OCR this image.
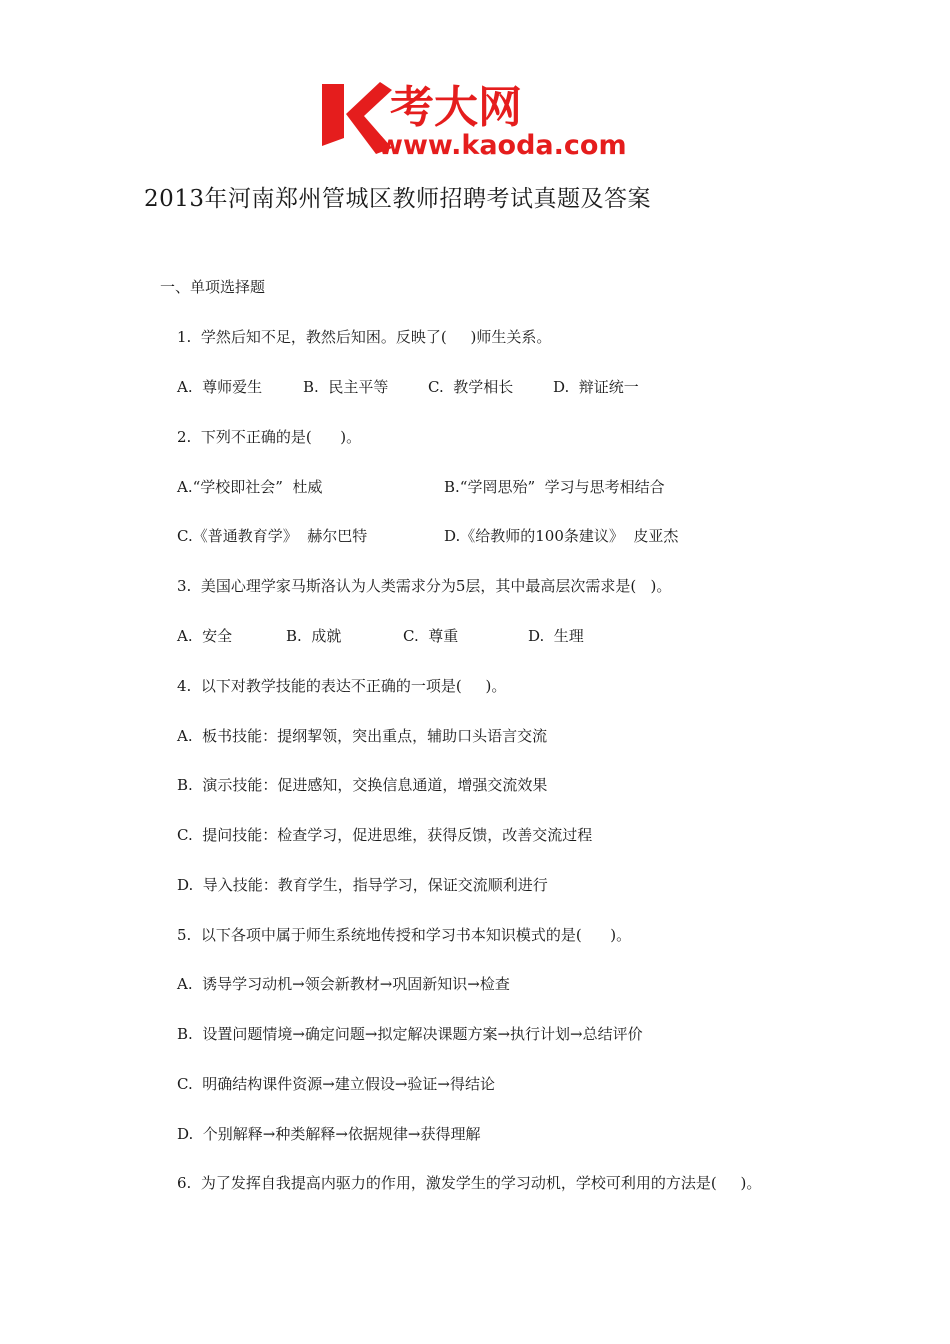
考大网
www.kaoda.com
2013年河南郑州管城区教师招聘考试真题及答案
一、单项选择题
1.  学然后知不足，教然后知困。反映了(     )师生关系。
A.  尊师爱生	B.  民主平等	C.  教学相长	D.  辩证统一
2.  下列不正确的是(      )。
A.“学校即社会”  杜威	B.“学罔思殆”  学习与思考相结合
C.《普通教育学》  赫尔巴特	D.《给教师的100条建议》  皮亚杰
3.  美国心理学家马斯洛认为人类需求分为5层，其中最高层次需求是(   )。
A.  安全	B.  成就	C.  尊重	D.  生理
4.  以下对教学技能的表达不正确的一项是(     )。
A.  板书技能：提纲挈领，突出重点，辅助口头语言交流
B.  演示技能：促进感知，交换信息通道，增强交流效果
C.  提问技能：检查学习，促进思维，获得反馈，改善交流过程
D.  导入技能：教育学生，指导学习，保证交流顺利进行
5.  以下各项中属于师生系统地传授和学习书本知识模式的是(      )。
A.  诱导学习动机→领会新教材→巩固新知识→检查
B.  设置问题情境→确定问题→拟定解决课题方案→执行计划→总结评价
C.  明确结构课件资源→建立假设→验证→得结论
D.  个别解释→种类解释→依据规律→获得理解
6.  为了发挥自我提高内驱力的作用，激发学生的学习动机，学校可利用的方法是(     )。
